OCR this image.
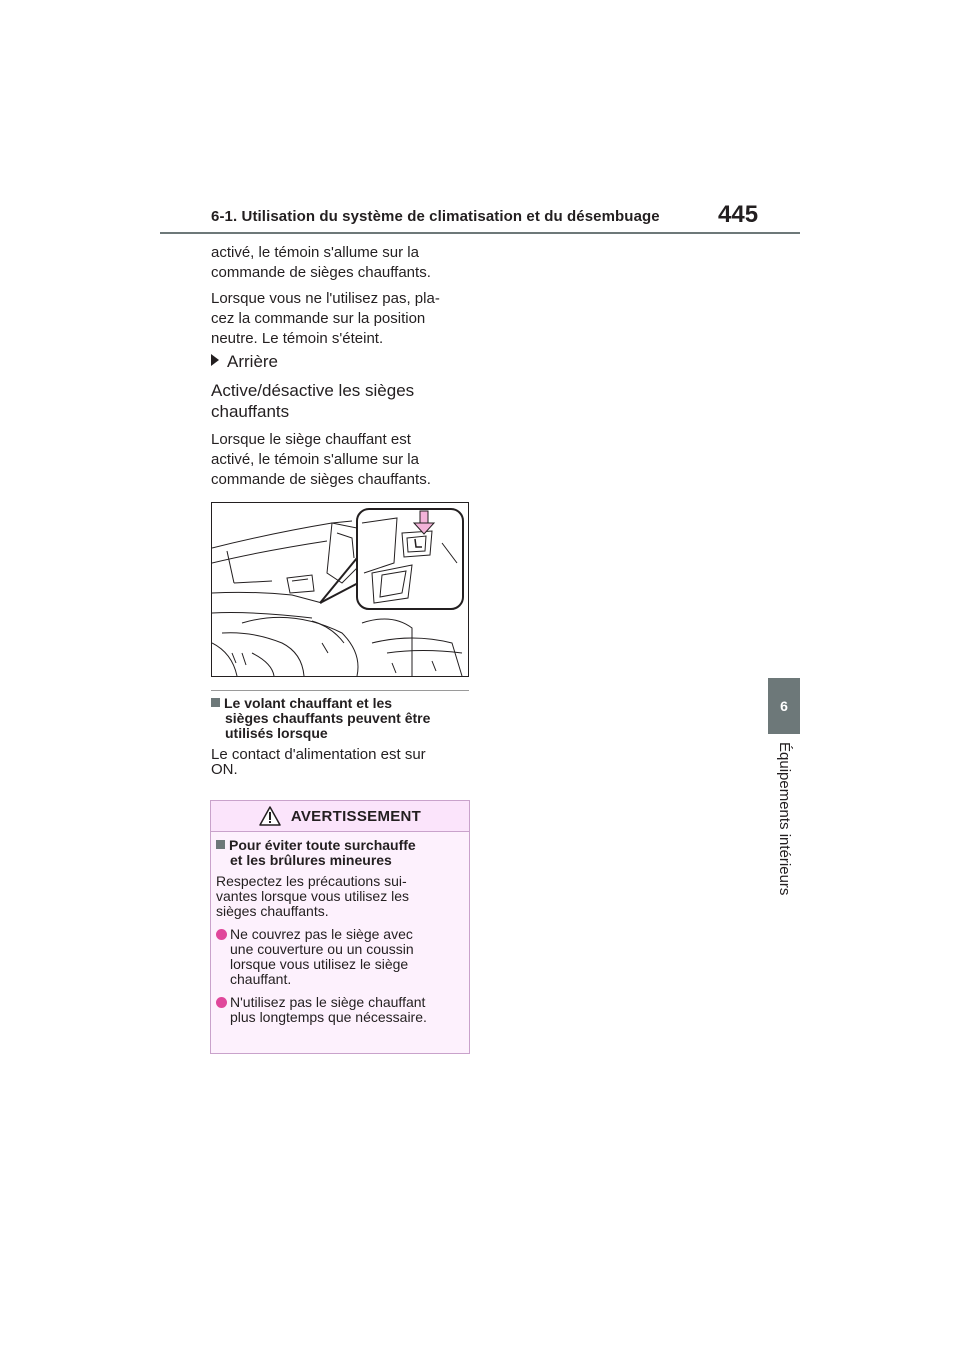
6-1. Utilisation du système de climatisation et du désembuage 445
6
Équipements intérieurs

activé, le témoin s'allume sur la

commande de sièges chauffants.

Lorsque vous ne l'utilisez pas, pla-

cez la commande sur la position

neutre. Le témoin s'éteint.

Arrière
Active/désactive les sièges
chauffants

Lorsque le siège chauffant est

activé, le témoin s'allume sur la

commande de sièges chauffants.

Le volant chauffant et les
sièges chauffants peuvent être
utilisés lorsque

Le contact d'alimentation est sur

ON.

AVERTISSEMENT
Pour éviter toute surchauffe
et les brûlures mineures

Respectez les précautions sui-

vantes lorsque vous utilisez les

sièges chauffants.

Ne couvrez pas le siège avec

une couverture ou un coussin

lorsque vous utilisez le siège

chauffant.

N'utilisez pas le siège chauffant

plus longtemps que nécessaire.
